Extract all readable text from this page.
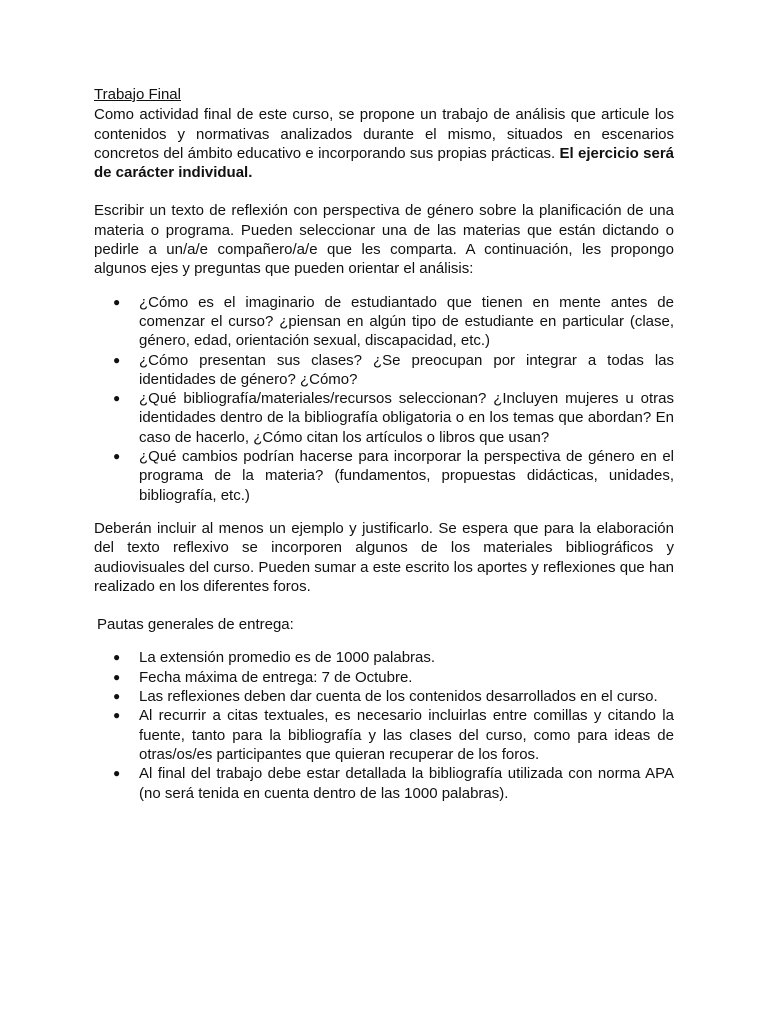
Trabajo Final

Como actividad final de este curso, se propone un trabajo de análisis que articule los contenidos y normativas analizados durante el mismo, situados en escenarios concretos del ámbito educativo e incorporando sus propias prácticas. El ejercicio será de carácter individual.

Escribir un texto de reflexión con perspectiva de género sobre la planificación de una materia o programa. Pueden seleccionar una de las materias que están dictando o pedirle a un/a/e compañero/a/e que les comparta. A continuación, les propongo algunos ejes y preguntas que pueden orientar el análisis:

● ¿Cómo es el imaginario de estudiantado que tienen en mente antes de comenzar el curso? ¿piensan en algún tipo de estudiante en particular (clase, género, edad, orientación sexual, discapacidad, etc.)
● ¿Cómo presentan sus clases? ¿Se preocupan por integrar a todas las identidades de género? ¿Cómo?
● ¿Qué bibliografía/materiales/recursos seleccionan? ¿Incluyen mujeres u otras identidades dentro de la bibliografía obligatoria o en los temas que abordan? En caso de hacerlo, ¿Cómo citan los artículos o libros que usan?
● ¿Qué cambios podrían hacerse para incorporar la perspectiva de género en el programa de la materia? (fundamentos, propuestas didácticas, unidades, bibliografía, etc.)

Deberán incluir al menos un ejemplo y justificarlo. Se espera que para la elaboración del texto reflexivo se incorporen algunos de los materiales bibliográficos y audiovisuales del curso. Pueden sumar a este escrito los aportes y reflexiones que han realizado en los diferentes foros.

Pautas generales de entrega:
● La extensión promedio es de 1000 palabras.
● Fecha máxima de entrega: 7 de Octubre.
● Las reflexiones deben dar cuenta de los contenidos desarrollados en el curso.
● Al recurrir a citas textuales, es necesario incluirlas entre comillas y citando la fuente, tanto para la bibliografía y las clases del curso, como para ideas de otras/os/es participantes que quieran recuperar de los foros.
● Al final del trabajo debe estar detallada la bibliografía utilizada con norma APA (no será tenida en cuenta dentro de las 1000 palabras).
